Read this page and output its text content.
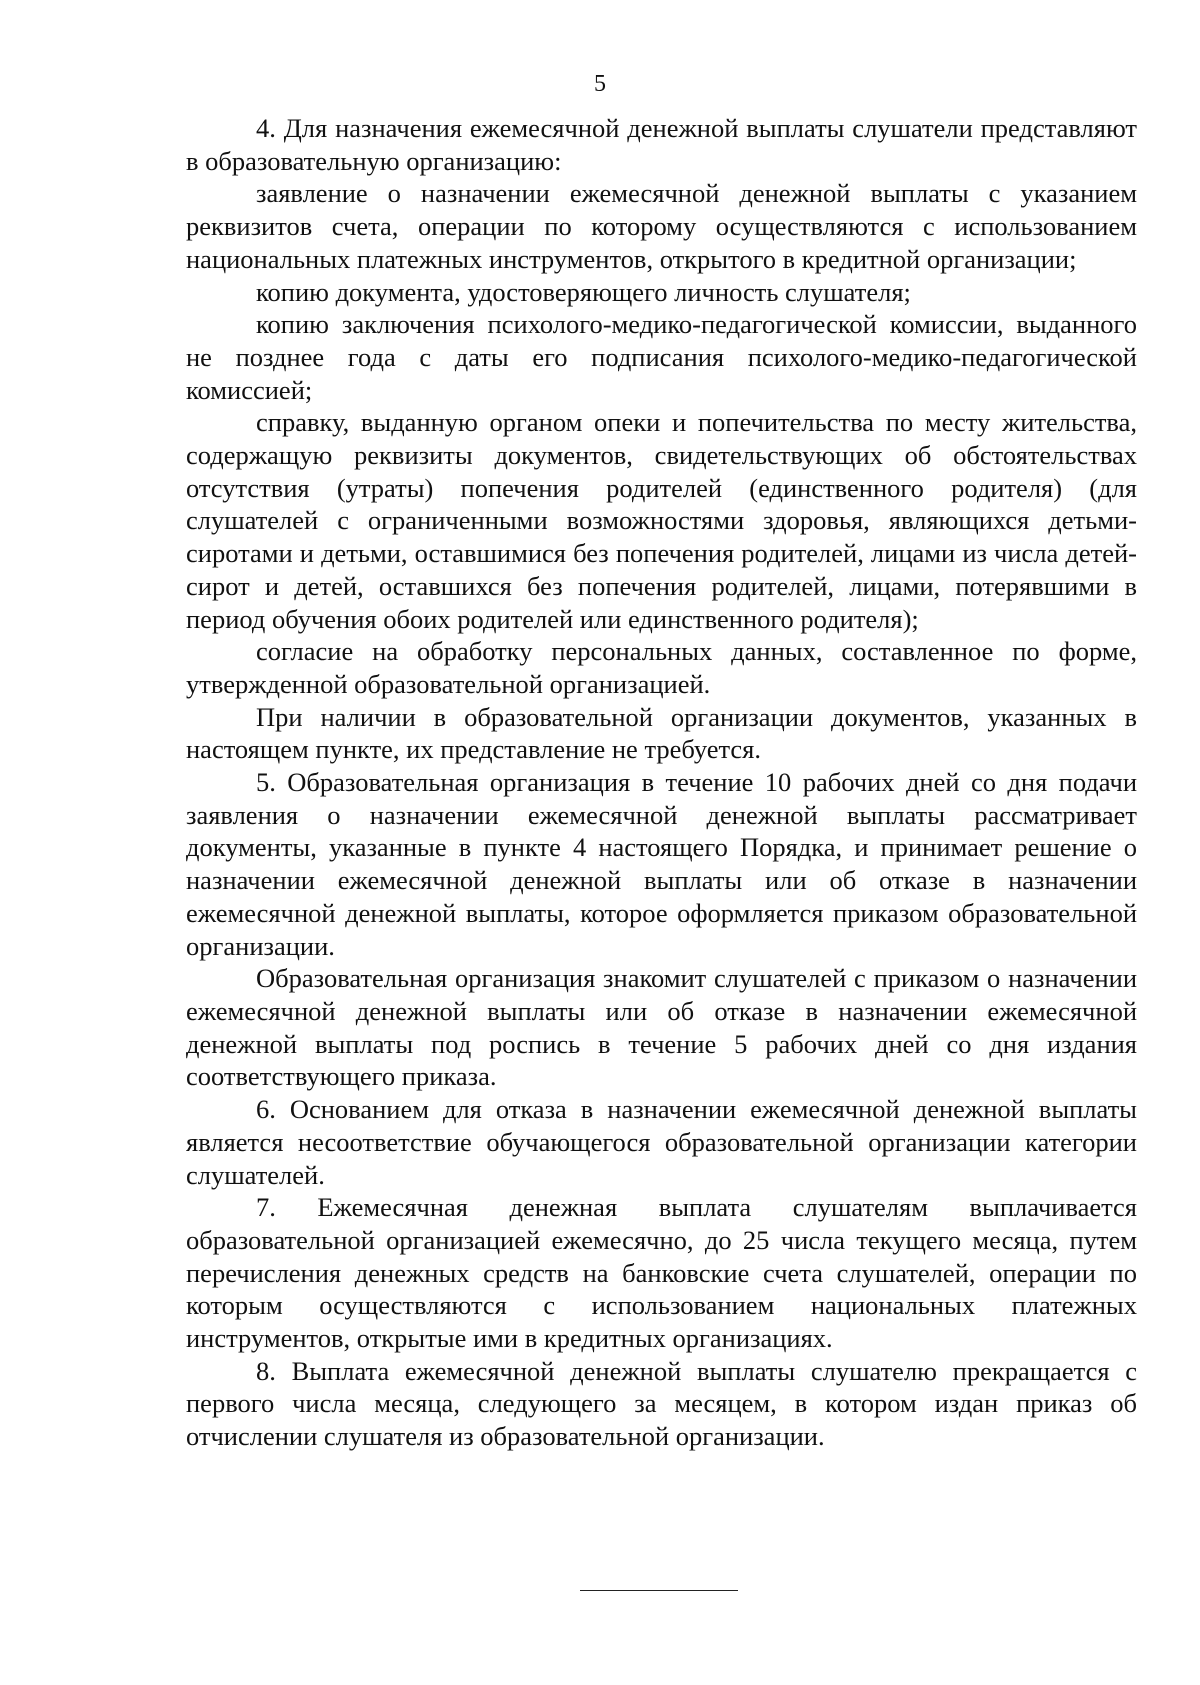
5

4. Для назначения ежемесячной денежной выплаты слушатели представляют в образовательную организацию:

заявление о назначении ежемесячной денежной выплаты с указанием реквизитов счета, операции по которому осуществляются с использованием национальных платежных инструментов, открытого в кредитной организации;

копию документа, удостоверяющего личность слушателя;

копию заключения психолого-медико-педагогической комиссии, выданного не позднее года с даты его подписания психолого-медико-педагогической комиссией;

справку, выданную органом опеки и попечительства по месту жительства, содержащую реквизиты документов, свидетельствующих об обстоятельствах отсутствия (утраты) попечения родителей (единственного родителя) (для слушателей с ограниченными возможностями здоровья, являющихся детьми-сиротами и детьми, оставшимися без попечения родителей, лицами из числа детей-сирот и детей, оставшихся без попечения родителей, лицами, потерявшими в период обучения обоих родителей или единственного родителя);

согласие на обработку персональных данных, составленное по форме, утвержденной образовательной организацией.

При наличии в образовательной организации документов, указанных в настоящем пункте, их представление не требуется.

5. Образовательная организация в течение 10 рабочих дней со дня подачи заявления о назначении ежемесячной денежной выплаты рассматривает документы, указанные в пункте 4 настоящего Порядка, и принимает решение о назначении ежемесячной денежной выплаты или об отказе в назначении ежемесячной денежной выплаты, которое оформляется приказом образовательной организации.

Образовательная организация знакомит слушателей с приказом о назначении ежемесячной денежной выплаты или об отказе в назначении ежемесячной денежной выплаты под роспись в течение 5 рабочих дней со дня издания соответствующего приказа.

6. Основанием для отказа в назначении ежемесячной денежной выплаты является несоответствие обучающегося образовательной организации категории слушателей.

7. Ежемесячная денежная выплата слушателям выплачивается образовательной организацией ежемесячно, до 25 числа текущего месяца, путем перечисления денежных средств на банковские счета слушателей, операции по которым осуществляются с использованием национальных платежных инструментов, открытые ими в кредитных организациях.

8. Выплата ежемесячной денежной выплаты слушателю прекращается с первого числа месяца, следующего за месяцем, в котором издан приказ об отчислении слушателя из образовательной организации.
